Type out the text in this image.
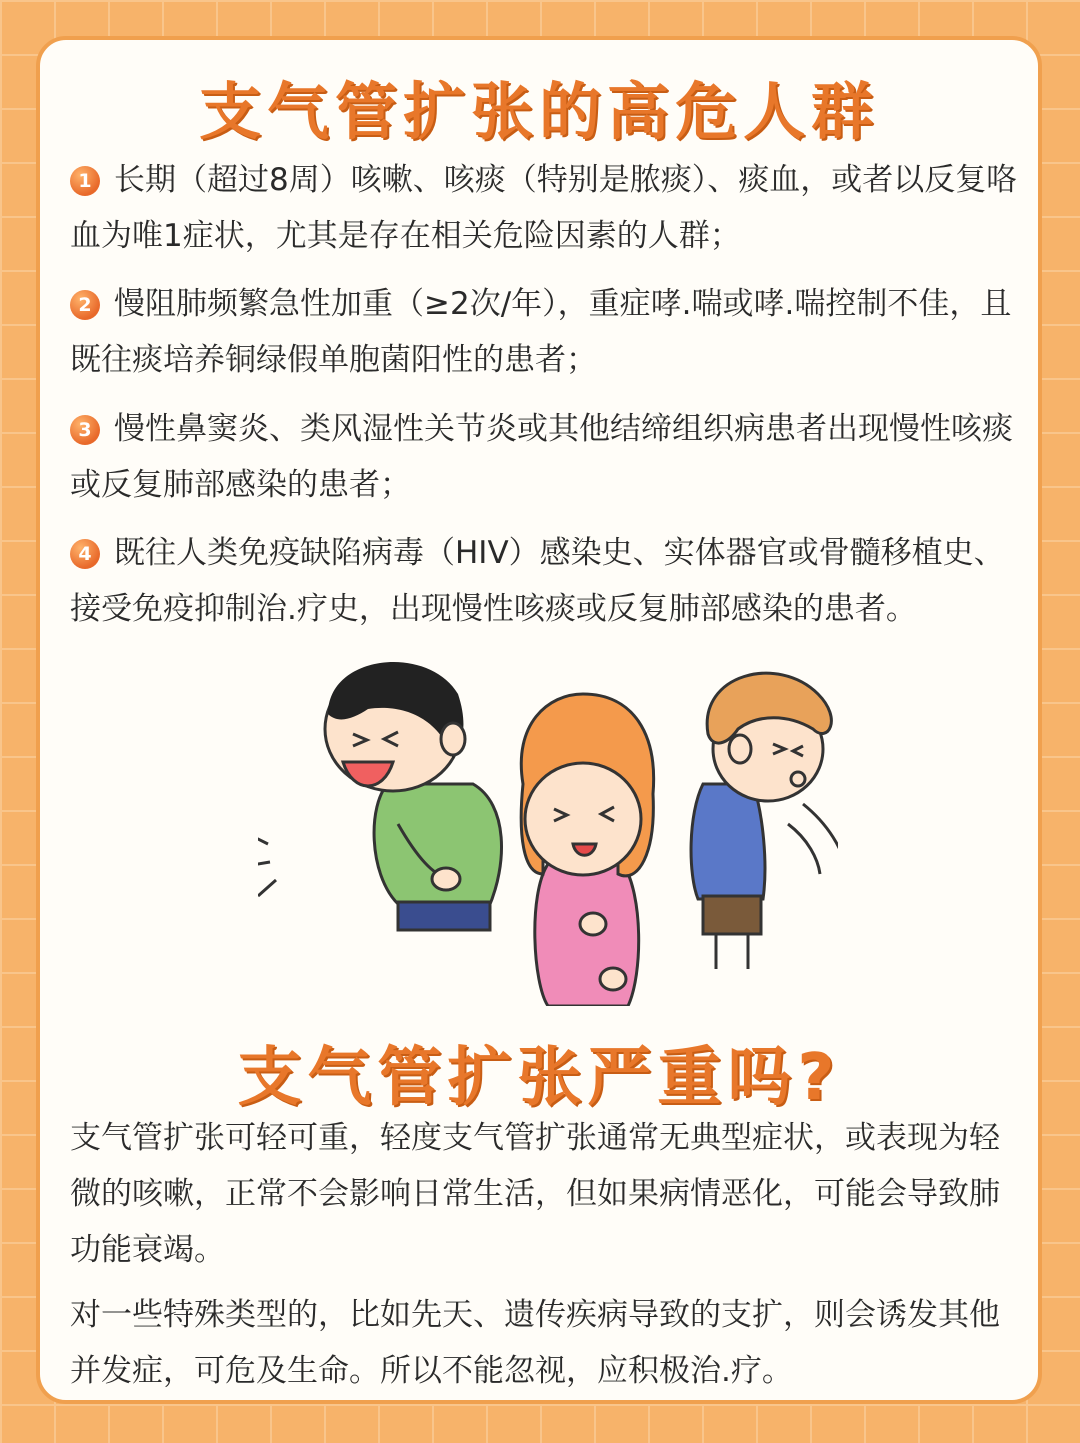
支气管扩张的高危人群
1 长期（超过8周）咳嗽、咳痰（特别是脓痰）、痰血，或者以反复咯血为唯1症状，尤其是存在相关危险因素的人群；
2 慢阻肺频繁急性加重（≥2次/年），重症哮.喘或哮.喘控制不佳，且既往痰培养铜绿假单胞菌阳性的患者；
3 慢性鼻窦炎、类风湿性关节炎或其他结缔组织病患者出现慢性咳痰或反复肺部感染的患者；
4 既往人类免疫缺陷病毒（HIV）感染史、实体器官或骨髓移植史、接受免疫抑制治.疗史，出现慢性咳痰或反复肺部感染的患者。
支气管扩张严重吗?
支气管扩张可轻可重，轻度支气管扩张通常无典型症状，或表现为轻微的咳嗽，正常不会影响日常生活，但如果病情恶化，可能会导致肺功能衰竭。
对一些特殊类型的，比如先天、遗传疾病导致的支扩，则会诱发其他并发症，可危及生命。所以不能忽视，应积极治.疗。
